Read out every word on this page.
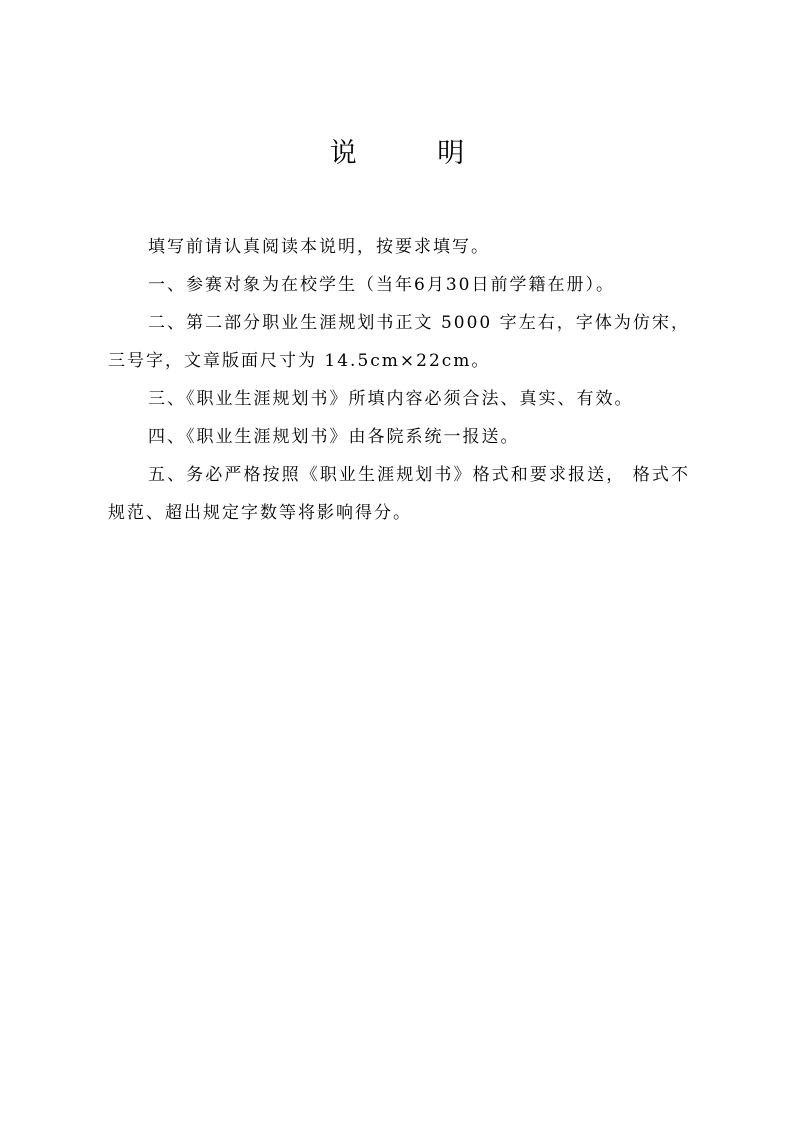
说 明

填写前请认真阅读本说明，按要求填写。

一、参赛对象为在校学生（当年6月30日前学籍在册）。

二、第二部分职业生涯规划书正文 5000 字左右，字体为仿宋，三号字，文章版面尺寸为 14.5cm×22cm。

三、《职业生涯规划书》所填内容必须合法、真实、有效。

四、《职业生涯规划书》由各院系统一报送。

五、务必严格按照《职业生涯规划书》格式和要求报送， 格式不规范、超出规定字数等将影响得分。
